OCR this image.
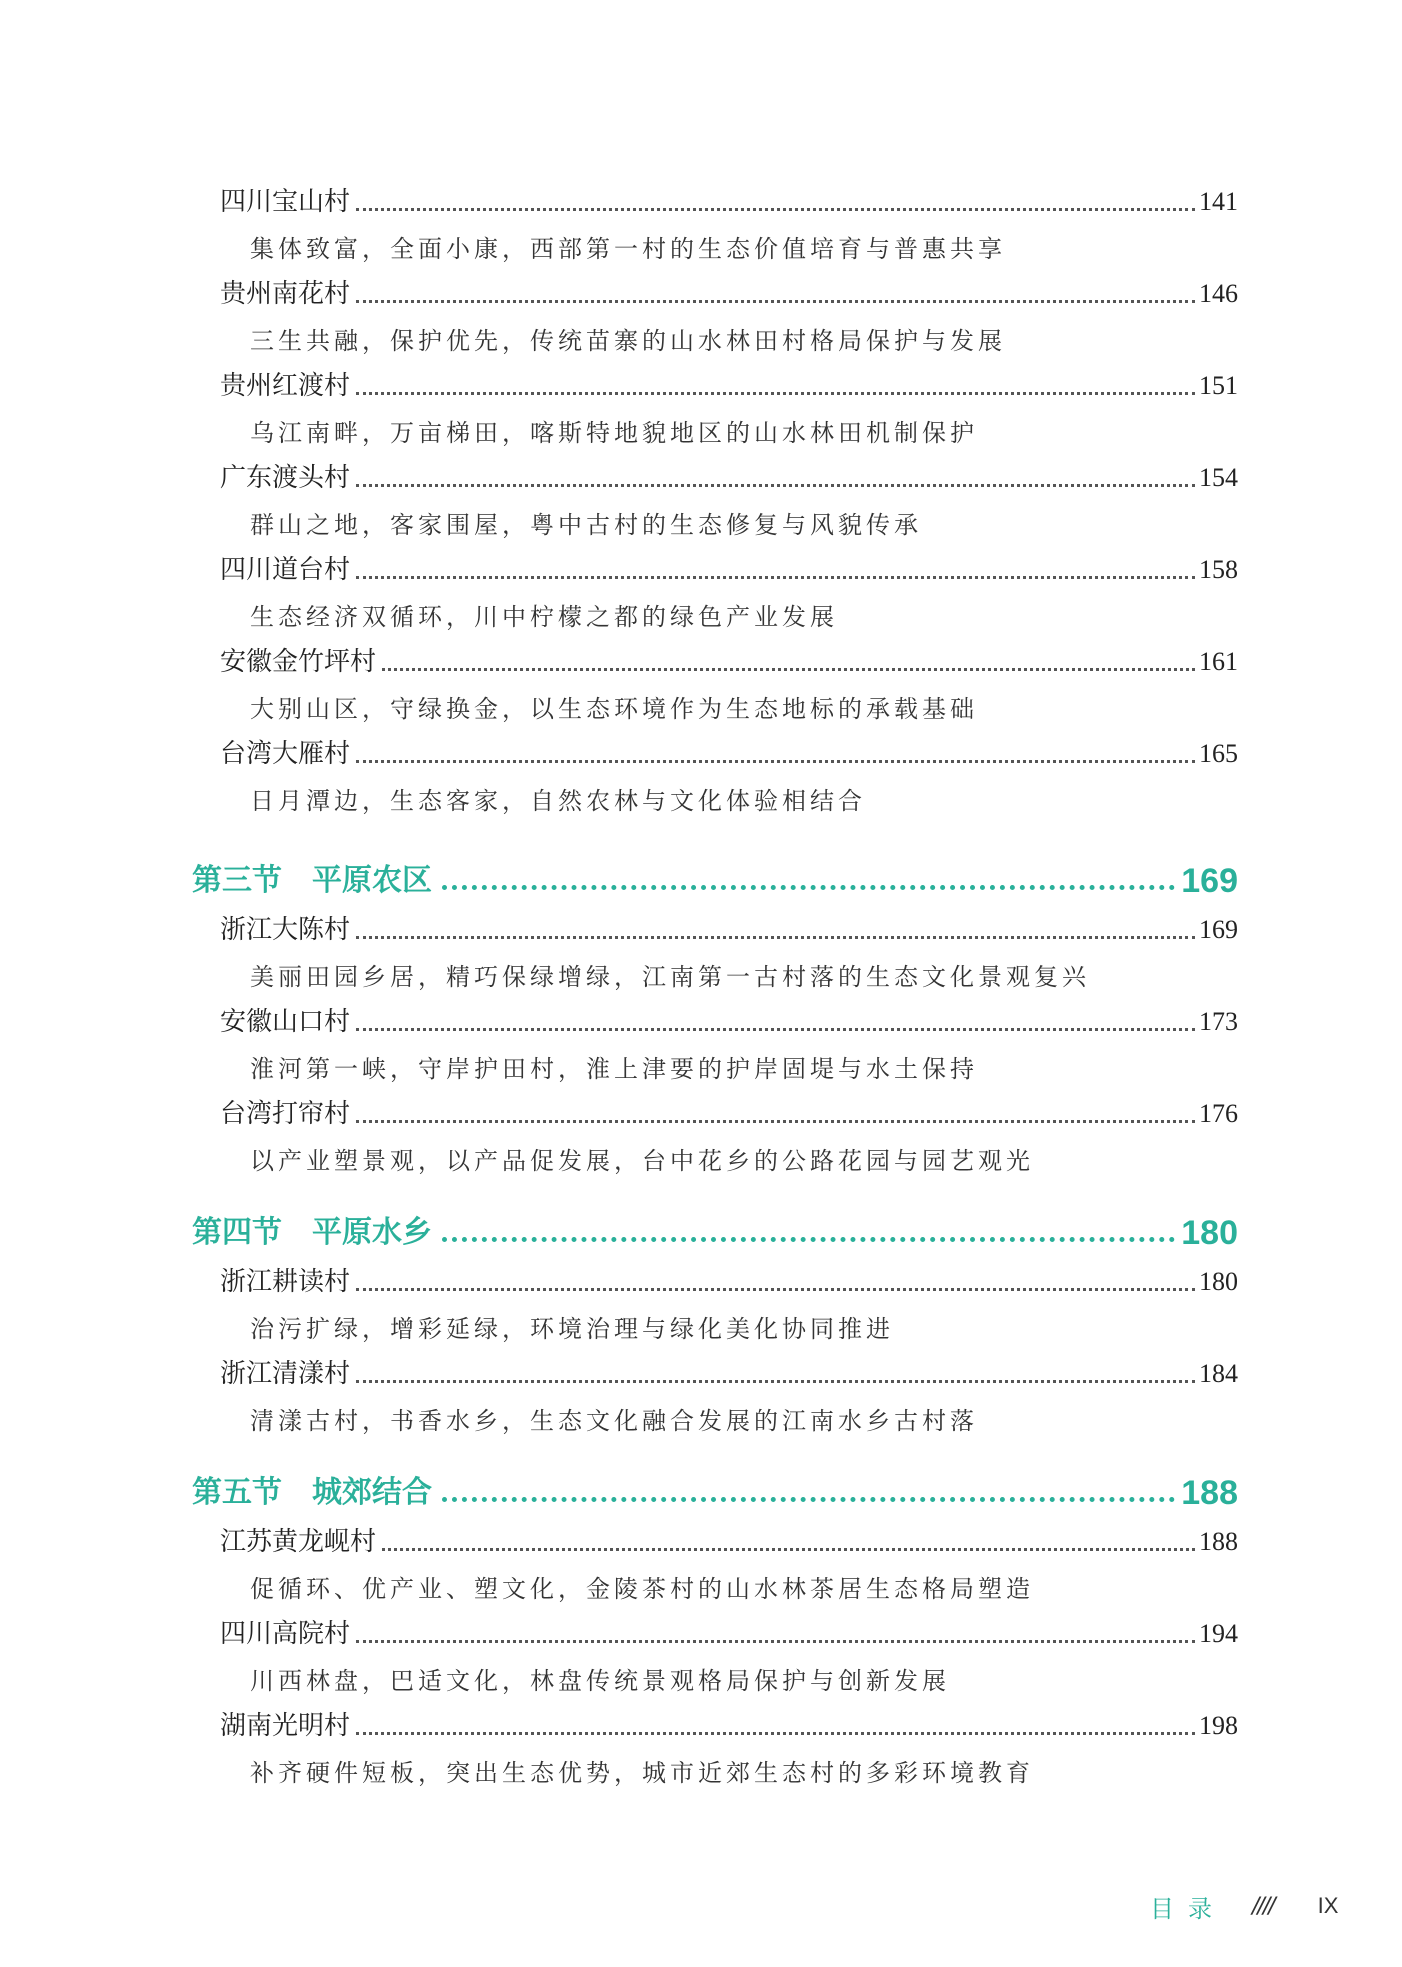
四川宝山村	141
集体致富，全面小康，西部第一村的生态价值培育与普惠共享
贵州南花村	146
三生共融，保护优先，传统苗寨的山水林田村格局保护与发展
贵州红渡村	151
乌江南畔，万亩梯田，喀斯特地貌地区的山水林田机制保护
广东渡头村	154
群山之地，客家围屋，粤中古村的生态修复与风貌传承
四川道台村	158
生态经济双循环，川中柠檬之都的绿色产业发展
安徽金竹坪村	161
大别山区，守绿换金，以生态环境作为生态地标的承载基础
台湾大雁村	165
日月潭边，生态客家，自然农林与文化体验相结合
第三节 平原农区	169
浙江大陈村	169
美丽田园乡居，精巧保绿增绿，江南第一古村落的生态文化景观复兴
安徽山口村	173
淮河第一峡，守岸护田村，淮上津要的护岸固堤与水土保持
台湾打帘村	176
以产业塑景观，以产品促发展，台中花乡的公路花园与园艺观光
第四节 平原水乡	180
浙江耕读村	180
治污扩绿，增彩延绿，环境治理与绿化美化协同推进
浙江清漾村	184
清漾古村，书香水乡，生态文化融合发展的江南水乡古村落
第五节 城郊结合	188
江苏黄龙岘村	188
促循环、优产业、塑文化，金陵茶村的山水林茶居生态格局塑造
四川高院村	194
川西林盘，巴适文化，林盘传统景观格局保护与创新发展
湖南光明村	198
补齐硬件短板，突出生态优势，城市近郊生态村的多彩环境教育
目录 //// IX
